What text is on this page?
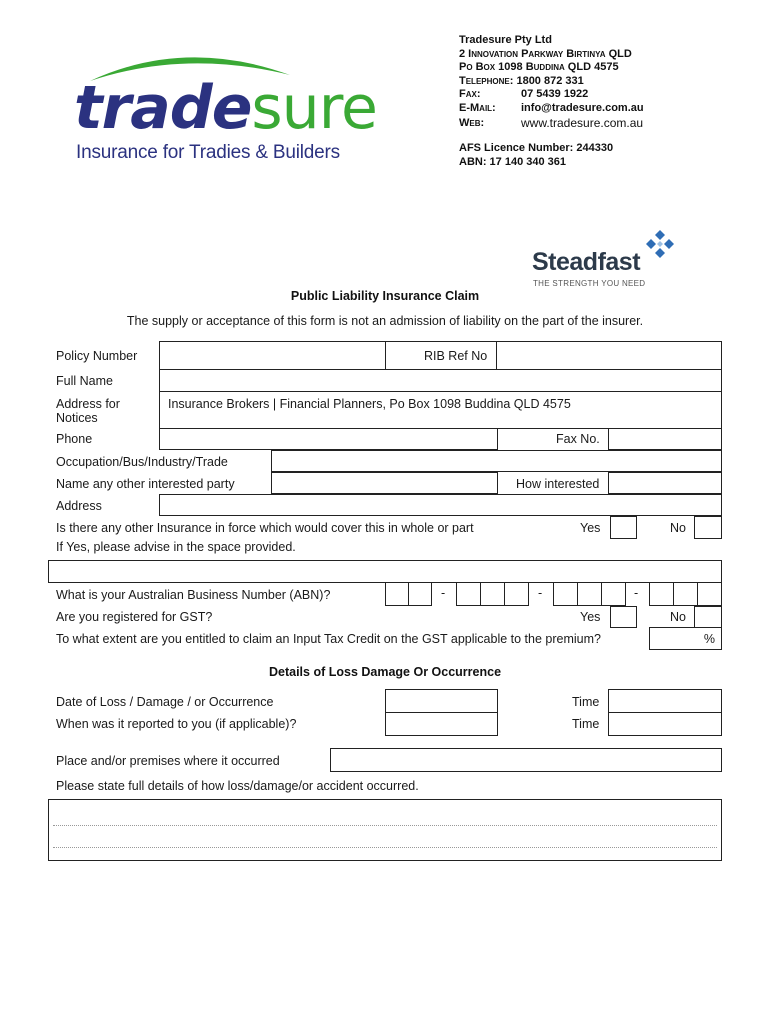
tradesure
Insurance for Tradies & Builders
Tradesure Pty Ltd
2 Innovation Parkway Birtinya QLD
Po Box 1098 Buddina QLD 4575
Telephone: 1800 872 331
Fax:	07 5439 1922
E-Mail: info@tradesure.com.au
Web:	www.tradesure.com.au
AFS Licence Number: 244330
ABN: 17 140 340 361
Steadfast
THE STRENGTH YOU NEED
Public Liability Insurance Claim
The supply or acceptance of this form is not an admission of liability on the part of the insurer.
Policy Number	RIB Ref No
Full Name
Address for
Notices
Insurance Brokers | Financial Planners, Po Box 1098 Buddina QLD 4575
Phone	Fax No.
Occupation/Bus/Industry/Trade
Name any other interested party	How interested
Address
Is there any other Insurance in force which would cover this in whole or part	Yes	No
If Yes, please advise in the space provided.
What is your Australian Business Number (ABN)?	-	-	-
Are you registered for GST?	Yes	No
To what extent are you entitled to claim an Input Tax Credit on the GST applicable to the premium?	%
Details of Loss Damage Or Occurrence
Date of Loss / Damage / or Occurrence	Time
When was it reported to you (if applicable)?	Time
Place and/or premises where it occurred
Please state full details of how loss/damage/or accident occurred.
